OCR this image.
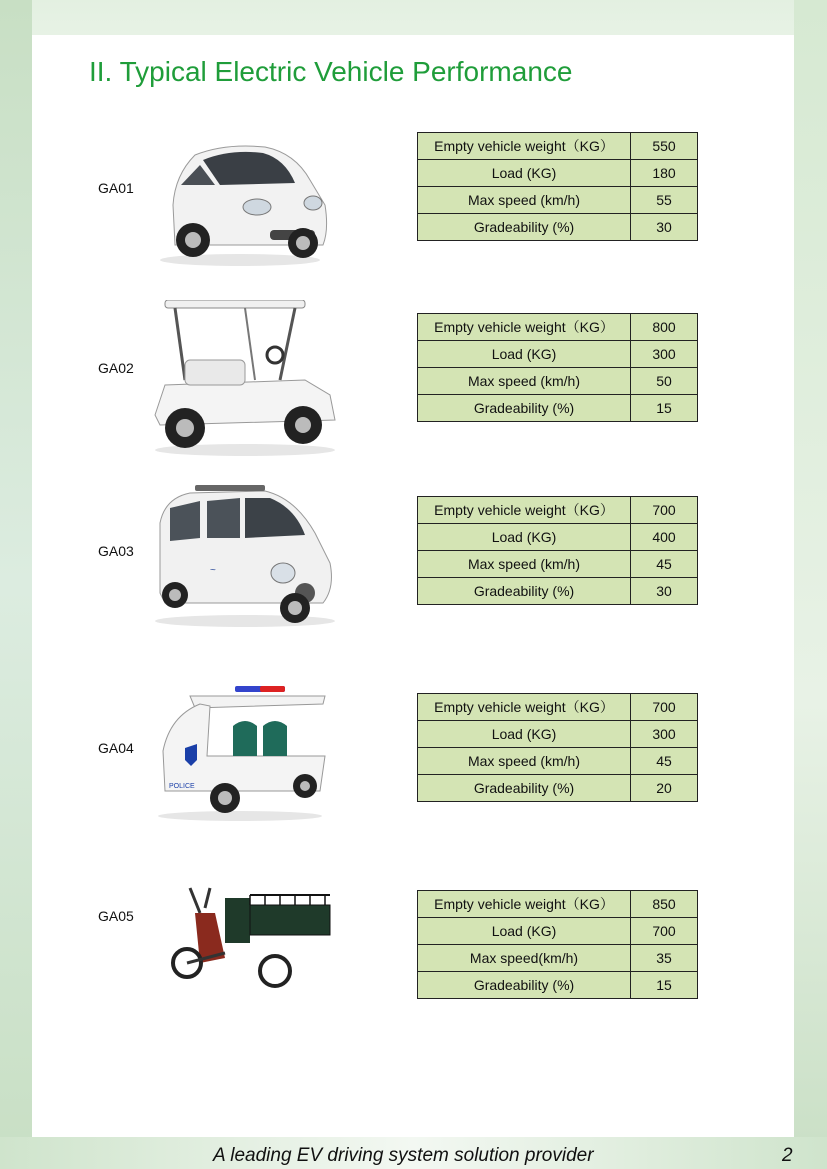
II. Typical Electric Vehicle Performance
GA01
Empty vehicle weight（KG）	550
Load (KG)	180
Max speed (km/h)	55
Gradeability (%)	30
GA02
Empty vehicle weight（KG）	800
Load (KG)	300
Max speed (km/h)	50
Gradeability (%)	15
GA03
~
Empty vehicle weight（KG）	700
Load (KG)	400
Max speed (km/h)	45
Gradeability (%)	30
GA04
POLICE
Empty vehicle weight（KG）	700
Load (KG)	300
Max speed (km/h)	45
Gradeability (%)	20
GA05
Empty vehicle weight（KG）	850
Load (KG)	700
Max speed(km/h)	35
Gradeability (%)	15
A leading EV driving system solution provider	2
